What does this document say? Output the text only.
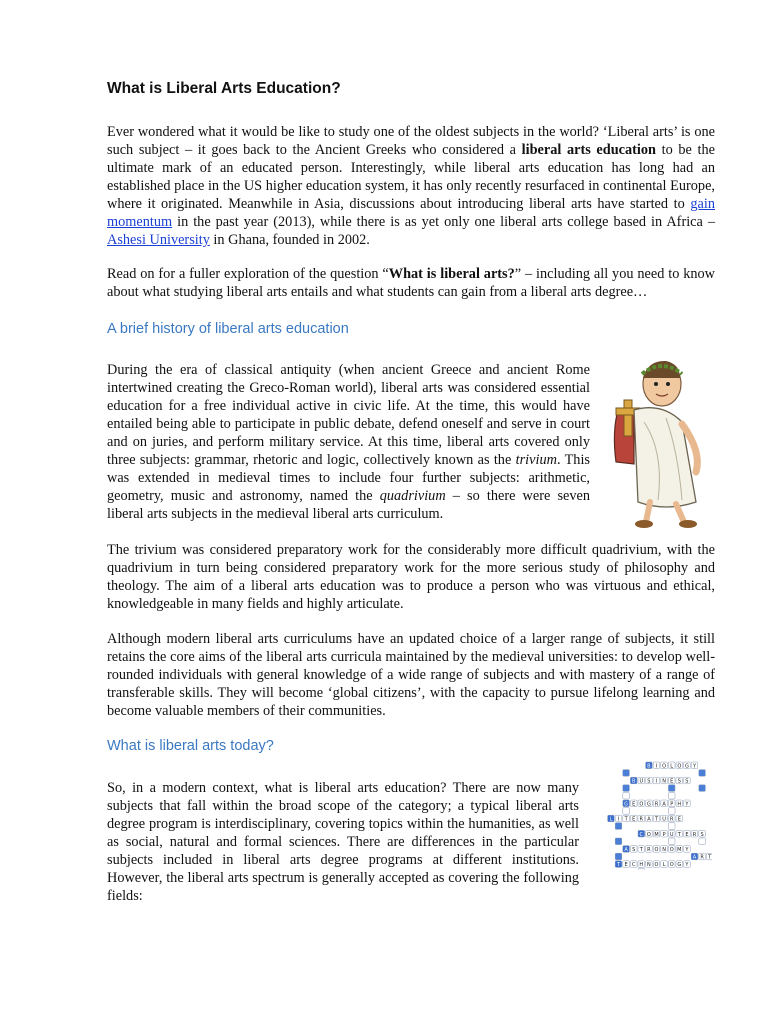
What is Liberal Arts Education?

Ever wondered what it would be like to study one of the oldest subjects in the world? ‘Liberal arts’ is one such subject – it goes back to the Ancient Greeks who considered a liberal arts education to be the ultimate mark of an educated person. Interestingly, while liberal arts education has long had an established place in the US higher education system, it has only recently resurfaced in continental Europe, where it originated. Meanwhile in Asia, discussions about introducing liberal arts have started to gain momentum in the past year (2013), while there is as yet only one liberal arts college based in Africa – Ashesi University in Ghana, founded in 2002.

Read on for a fuller exploration of the question “What is liberal arts?” – including all you need to know about what studying liberal arts entails and what students can gain from a liberal arts degree…

A brief history of liberal arts education

During the era of classical antiquity (when ancient Greece and ancient Rome intertwined creating the Greco-Roman world), liberal arts was considered essential education for a free individual active in civic life. At the time, this would have entailed being able to participate in public debate, defend oneself and serve in court and on juries, and perform military service. At this time, liberal arts covered only three subjects: grammar, rhetoric and logic, collectively known as the trivium. This was extended in medieval times to include four further subjects: arithmetic, geometry, music and astronomy, named the quadrivium – so there were seven liberal arts subjects in the medieval liberal arts curriculum.

The trivium was considered preparatory work for the considerably more difficult quadrivium, with the quadrivium in turn being considered preparatory work for the more serious study of philosophy and theology. The aim of a liberal arts education was to produce a person who was virtuous and ethical, knowledgeable in many fields and highly articulate.

Although modern liberal arts curriculums have an updated choice of a larger range of subjects, it still retains the core aims of the liberal arts curricula maintained by the medieval universities: to develop well-rounded individuals with general knowledge of a wide range of subjects and with mastery of a range of transferable skills. They will become ‘global citizens’, with the capacity to pursue lifelong learning and become valuable members of their communities.

What is liberal arts today?

So, in a modern context, what is liberal arts education? There are now many subjects that fall within the broad scope of the category; a typical liberal arts degree program is interdisciplinary, covering topics within the humanities, as well as social, natural and formal sciences. There are differences in the particular subjects included in liberal arts degree programs at different institutions. However, the liberal arts spectrum is generally accepted as covering the following fields:

B I O L O G Y
B U S I N E S S
G E O G R A P H Y
L I T E R A T U R E
C O M P U T E R S
A S T R O N O M Y
T E C H N O L O G Y
A R T
